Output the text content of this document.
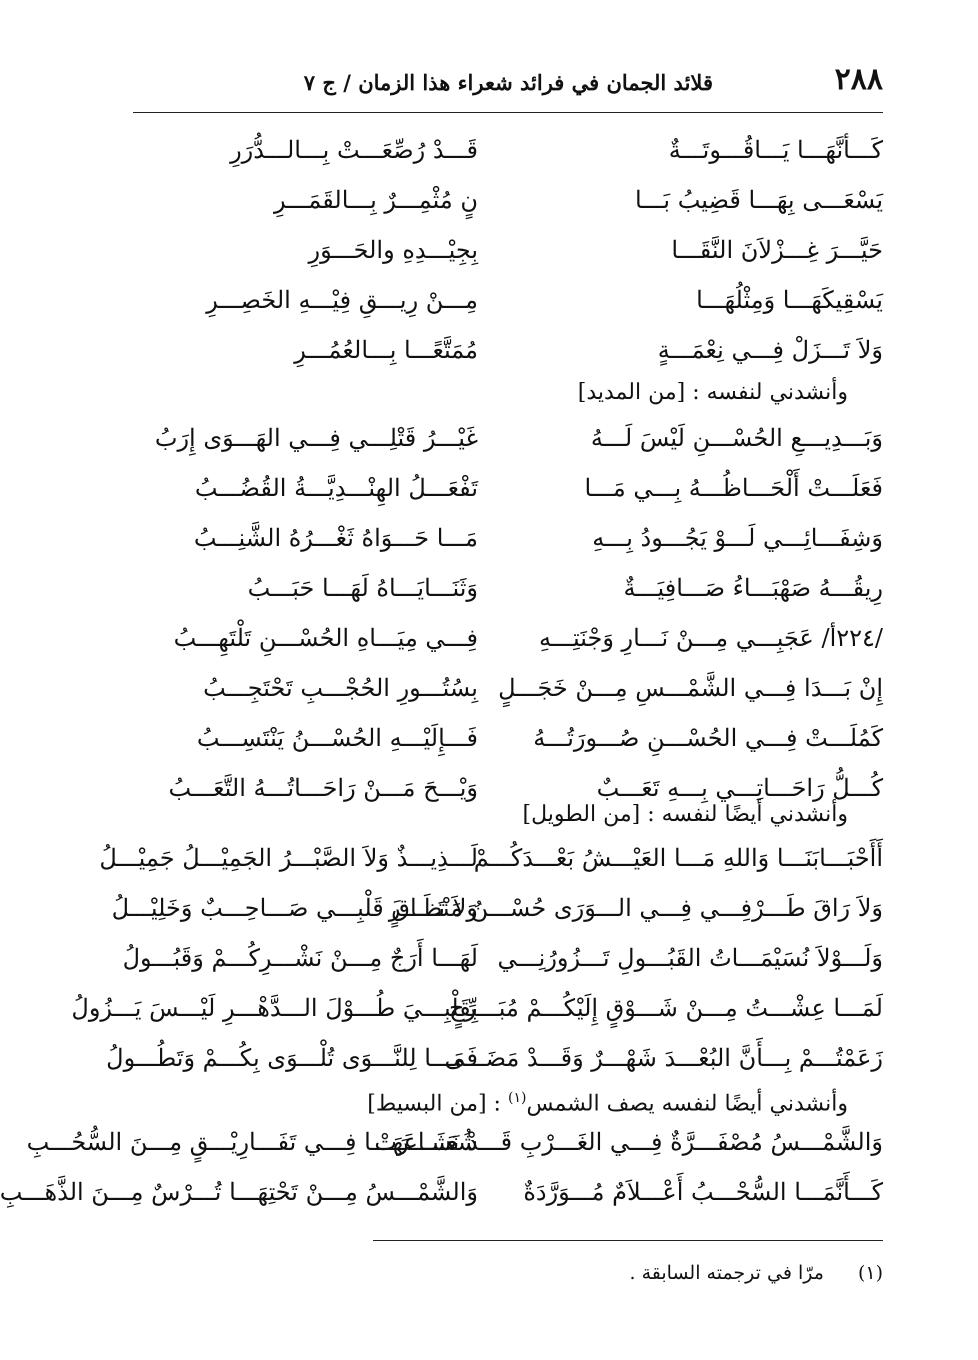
٢٨٨
قلائد الجمان في فرائد شعراء هذا الزمان / ج ٧
كَـــأنَّهَـــا يَـــاقُـــوتَـــةٌ
قَـــدْ رُصِّعَـــتْ بِـــالـــدُّرَرِ
يَسْعَـــى بِهَـــا قَضِيبُ بَـــا
نٍ مُثْمِـــرٌ بِـــالقَمَـــرِ
حَيَّـــرَ غِـــزْلاَنَ النَّقَـــا
بِجِيْـــدِهِ والحَـــوَرِ
يَسْقِيكَهَـــا وَمِثْلُهَـــا
مِـــنْ رِيـــقِ فِيْـــهِ الخَصِـــرِ
وَلاَ تَـــزَلْ فِـــي نِعْمَـــةٍ
مُمَتَّعًـــا بِـــالعُمُـــرِ
وأنشدني لنفسه : [من المديد]
وَبَـــدِيـــعِ الحُسْـــنِ لَيْسَ لَـــهُ
غَيْـــرُ قَتْلِـــي فِـــي الهَـــوَى إِرَبُ
فَعَلَـــتْ أَلْحَـــاظُـــهُ بِـــي مَـــا
تَفْعَـــلُ الهِنْـــدِيَّـــةُ القُضُـــبُ
وَشِفَـــائِـــي لَـــوْ يَجُـــودُ بِـــهِ
مَـــا حَـــوَاهُ ثَغْـــرُهُ الشَّنِـــبُ
رِيقُـــهُ صَهْبَـــاءُ صَـــافِيَـــةٌ
وَثَنَـــايَـــاهُ لَهَـــا حَبَـــبُ
/٢٢٤أ/ عَجَبِـــي مِـــنْ نَـــارِ وَجْنَتِـــهِ
فِـــي مِيَـــاهِ الحُسْـــنِ تَلْتَهِـــبُ
إِنْ بَـــدَا فِـــي الشَّمْـــسِ مِـــنْ خَجَـــلٍ
بِسُتُـــورِ الحُجْـــبِ تَحْتَجِـــبُ
كَمُلَـــتْ فِـــي الحُسْـــنِ صُـــورَتُـــهُ
فَـــإِلَيْـــهِ الحُسْـــنُ يَنْتَسِـــبُ
كُـــلُّ رَاحَـــاتِـــي بِـــهِ تَعَـــبٌ
وَيْـــحَ مَـــنْ رَاحَـــاتُـــهُ التَّعَـــبُ
وأنشدني أيضًا لنفسه : [من الطويل]
أَأَحْبَـــابَنَـــا وَاللهِ مَـــا العَيْـــشُ بَعْـــدَكُـــمْ
لَـــذِيـــذٌ وَلاَ الصَّبْـــرُ الجَمِيْـــلُ جَمِيْـــلُ
وَلاَ رَاقَ طَـــرْفِـــي فِـــي الـــوَرَى حُسْـــنُ مَنْظَـــرٍ
وَلاَ تَـــاقَ قَلْبِـــي صَـــاحِـــبٌ وَخَلِيْـــلُ
وَلَـــوْلاَ نُسَيْمَـــاتُ القَبُـــولِ تَـــزُورُنِـــي
لَهَـــا أَرَجٌ مِـــنْ نَشْـــرِكُـــمْ وَقَبُـــولُ
لَمَـــا عِشْـــتُ مِـــنْ شَـــوْقٍ إِلَيْكُـــمْ مُبَـــرِّحٍ
بِقَلْبِـــيَ طُـــوْلَ الـــدَّهْـــرِ لَيْـــسَ يَـــزُولُ
زَعَمْتُـــمْ بِـــأَنَّ البُعْـــدَ شَهْـــرٌ وَقَـــدْ مَضَـــى
فَمَـــا لِلنَّـــوَى تُلْـــوَى بِكُـــمْ وَتَطُـــولُ
وأنشدني أيضًا لنفسه يصف الشمس$^{(١)}$ : [من البسيط]
وَالشَّمْـــسُ مُصْفَـــرَّةٌ فِـــي الغَـــرْبِ قَـــدْ نَشَـــرَتْ
شُعَـــاعَهَـــا فِـــي تَفَـــارِيْـــقٍ مِـــنَ السُّحُـــبِ
كَـــأَنَّمَـــا السُّحْـــبُ أَعْـــلاَمٌ مُـــوَرَّدَةٌ
وَالشَّمْـــسُ مِـــنْ تَحْتِهَـــا تُـــرْسٌ مِـــنَ الذَّهَـــبِ
(١) مرّا في ترجمته السابقة .
